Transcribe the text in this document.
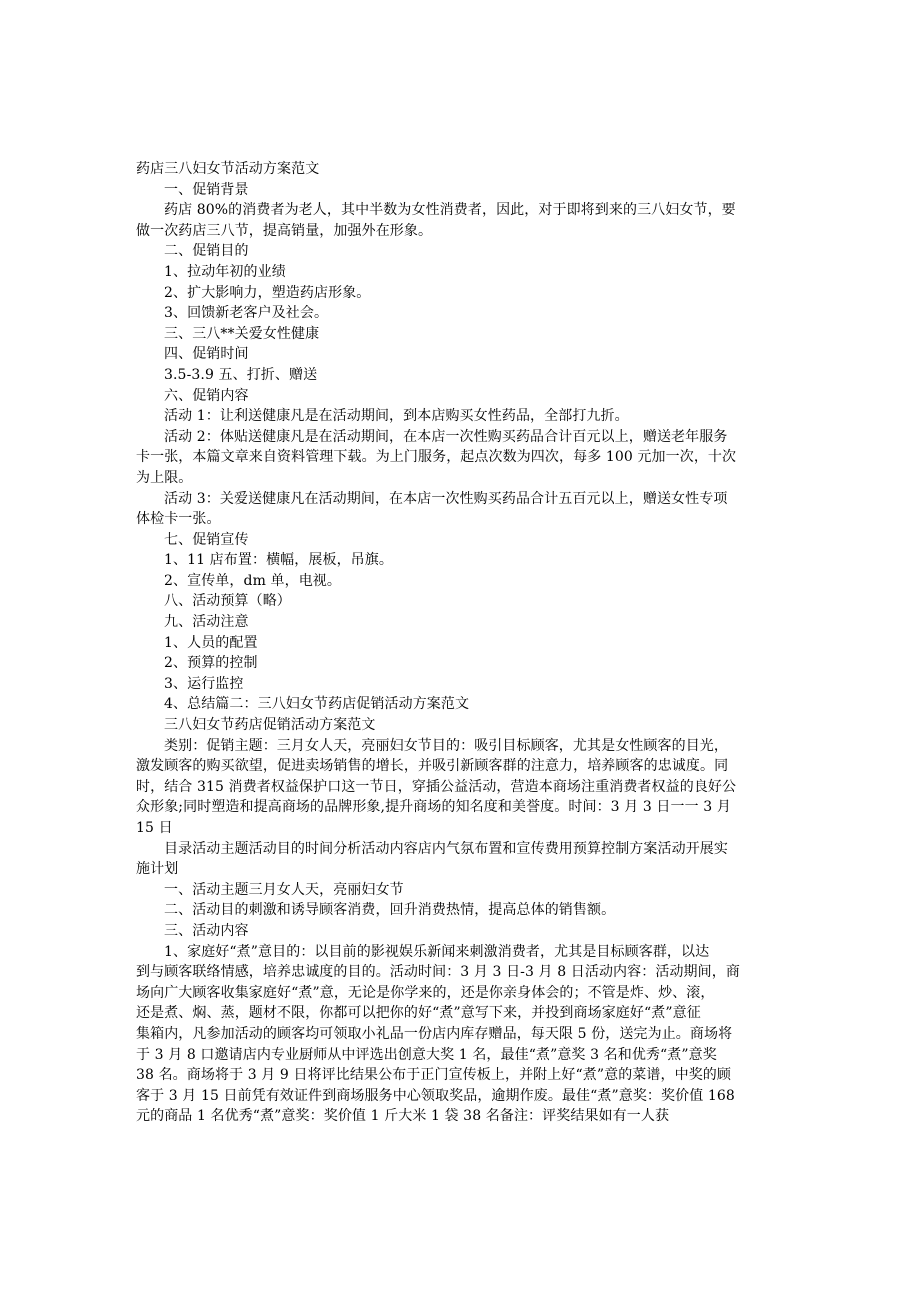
药店三八妇女节活动方案范文
一、促销背景
药店 80%的消费者为老人，其中半数为女性消费者，因此，对于即将到来的三八妇女节，要
做一次药店三八节，提高销量，加强外在形象。
二、促销目的
1、拉动年初的业绩
2、扩大影响力，塑造药店形象。
3、回馈新老客户及社会。
三、三八**关爱女性健康
四、促销时间
3.5-3.9 五、打折、赠送
六、促销内容
活动 1：让利送健康凡是在活动期间，到本店购买女性药品，全部打九折。
活动 2：体贴送健康凡是在活动期间，在本店一次性购买药品合计百元以上，赠送老年服务
卡一张，本篇文章来自资料管理下载。为上门服务，起点次数为四次，每多 100 元加一次，十次
为上限。
活动 3：关爱送健康凡在活动期间，在本店一次性购买药品合计五百元以上，赠送女性专项
体检卡一张。
七、促销宣传
1、11 店布置：横幅，展板，吊旗。
2、宣传单，dm 单，电视。
八、活动预算（略）
九、活动注意
1、人员的配置
2、预算的控制
3、运行监控
4、总结篇二：三八妇女节药店促销活动方案范文
三八妇女节药店促销活动方案范文
类别：促销主题：三月女人天，亮丽妇女节目的：吸引目标顾客，尤其是女性顾客的目光，
激发顾客的购买欲望，促进卖场销售的增长，并吸引新顾客群的注意力，培养顾客的忠诚度。同
时，结合 315 消费者权益保护口这一节日，穿插公益活动，营造本商场注重消费者权益的良好公
众形象;同时塑造和提高商场的品牌形象,提升商场的知名度和美誉度。时间：3 月 3 日一一 3 月
15 日
目录活动主题活动目的时间分析活动内容店内气氛布置和宣传费用预算控制方案活动开展实
施计划
一、活动主题三月女人天，亮丽妇女节
二、活动目的刺激和诱导顾客消费，回升消费热情，提高总体的销售额。
三、活动内容
1、家庭好“煮”意目的：以目前的影视娱乐新闻来刺激消费者，尤其是目标顾客群，以达
到与顾客联络情感，培养忠诚度的目的。活动时间：3 月 3 日-3 月 8 日活动内容：活动期间，商
场向广大顾客收集家庭好“煮”意，无论是你学来的，还是你亲身体会的；不管是炸、炒、滚，
还是煮、焖、蒸，题材不限，你都可以把你的好“煮”意写下来，并投到商场家庭好“煮”意征
集箱内，凡参加活动的顾客均可领取小礼品一份店内库存赠品，每天限 5 份，送完为止。商场将
于 3 月 8 口邀请店内专业厨师从中评选出创意大奖 1 名，最佳“煮”意奖 3 名和优秀“煮”意奖
38 名。商场将于 3 月 9 日将评比结果公布于正门宣传板上，并附上好“煮”意的菜谱，中奖的顾
客于 3 月 15 日前凭有效证件到商场服务中心领取奖品，逾期作废。最佳“煮”意奖：奖价值 168
元的商品 1 名优秀“煮”意奖：奖价值 1 斤大米 1 袋 38 名备注：评奖结果如有一人获
